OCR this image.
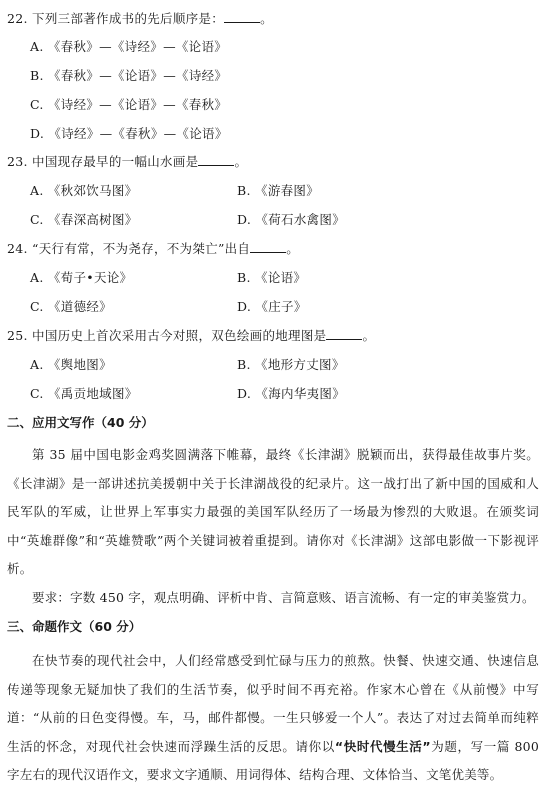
22. 下列三部著作成书的先后顺序是：	。
A. 《春秋》—《诗经》—《论语》
B. 《春秋》—《论语》—《诗经》
C. 《诗经》—《论语》—《春秋》
D. 《诗经》—《春秋》—《论语》
23. 中国现存最早的一幅山水画是	。
A. 《秋郊饮马图》	B. 《游春图》
C. 《春深高树图》	D. 《荷石水禽图》
24. “天行有常，不为尧存，不为桀亡”出自	。
A. 《荀子•天论》	B. 《论语》
C. 《道德经》	D. 《庄子》
25. 中国历史上首次采用古今对照，双色绘画的地理图是	。
A. 《舆地图》	B. 《地形方丈图》
C. 《禹贡地域图》	D. 《海内华夷图》
二、应用文写作（40 分）
第 35 届中国电影金鸡奖圆满落下帷幕，最终《长津湖》脱颖而出，获得最佳故事片奖。《长津湖》是一部讲述抗美援朝中关于长津湖战役的纪录片。这一战打出了新中国的国威和人民军队的军威，让世界上军事实力最强的美国军队经历了一场最为惨烈的大败退。在颁奖词中“英雄群像”和“英雄赞歌”两个关键词被着重提到。请你对《长津湖》这部电影做一下影视评析。
要求：字数 450 字，观点明确、评析中肯、言简意赅、语言流畅、有一定的审美鉴赏力。
三、命题作文（60 分）
在快节奏的现代社会中，人们经常感受到忙碌与压力的煎熬。快餐、快速交通、快速信息传递等现象无疑加快了我们的生活节奏，似乎时间不再充裕。作家木心曾在《从前慢》中写道：“从前的日色变得慢。车，马，邮件都慢。一生只够爱一个人”。表达了对过去简单而纯粹生活的怀念，对现代社会快速而浮躁生活的反思。请你以“快时代慢生活”为题，写一篇 800 字左右的现代汉语作文，要求文字通顺、用词得体、结构合理、文体恰当、文笔优美等。
